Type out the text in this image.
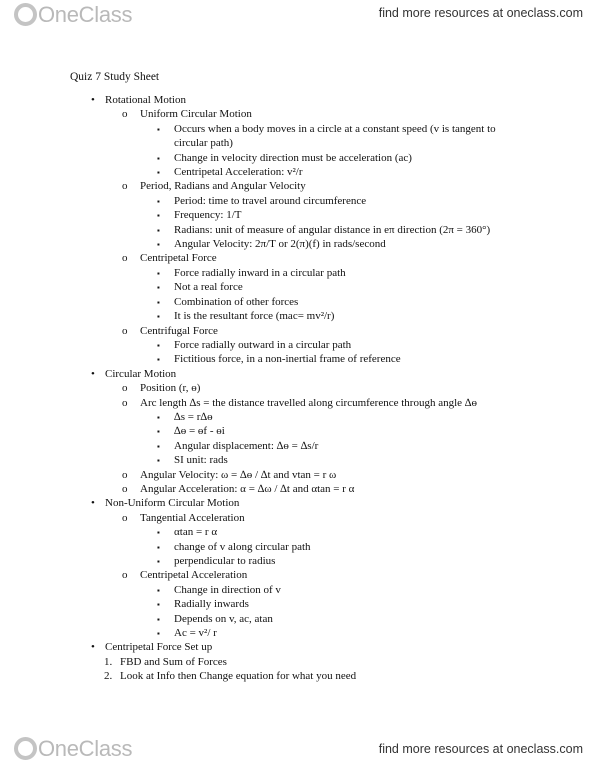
OneClass	find more resources at oneclass.com
Quiz 7 Study Sheet
• Rotational Motion
o Uniform Circular Motion
▪ Occurs when a body moves in a circle at a constant speed (v is tangent to
circular path)
▪ Change in velocity direction must be acceleration (ac)
▪ Centripetal Acceleration: v²/r
o Period, Radians and Angular Velocity
▪ Period: time to travel around circumference
▪ Frequency: 1/T
▪ Radians: unit of measure of angular distance in eπ direction (2π = 360°)
▪ Angular Velocity: 2π/T or 2(π)(f) in rads/second
o Centripetal Force
▪ Force radially inward in a circular path
▪ Not a real force
▪ Combination of other forces
▪ It is the resultant force (mac= mv²/r)
o Centrifugal Force
▪ Force radially outward in a circular path
▪ Fictitious force, in a non-inertial frame of reference
• Circular Motion
o Position (r, ө)
o Arc length ∆s = the distance travelled along circumference through angle ∆ө
▪ ∆s = r∆ө
▪ ∆ө = өf - өi
▪ Angular displacement: ∆ө = ∆s/r
▪ SI unit: rads
o Angular Velocity: ω = ∆ө / ∆t and vtan = r ω
o Angular Acceleration: α = ∆ω / ∆t and αtan = r α
• Non-Uniform Circular Motion
o Tangential Acceleration
▪ αtan = r α
▪ change of v along circular path
▪ perpendicular to radius
o Centripetal Acceleration
▪ Change in direction of v
▪ Radially inwards
▪ Depends on v, ac, atan
▪ Ac = v²/ r
• Centripetal Force Set up
1. FBD and Sum of Forces
2. Look at Info then Change equation for what you need
OneClass	find more resources at oneclass.com
